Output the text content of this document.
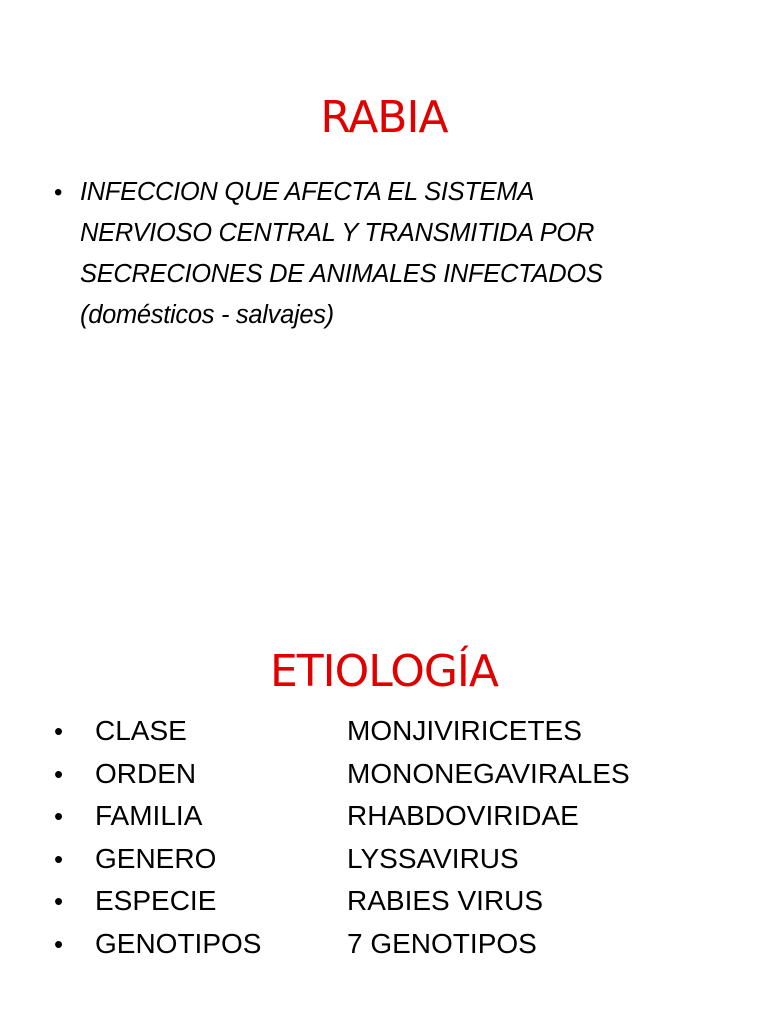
RABIA
• INFECCION QUE AFECTA EL SISTEMA
NERVIOSO CENTRAL Y TRANSMITIDA POR
SECRECIONES DE ANIMALES INFECTADOS
(domésticos - salvajes)
ETIOLOGÍA
•	CLASE	MONJIVIRICETES
•	ORDEN	MONONEGAVIRALES
•	FAMILIA	RHABDOVIRIDAE
•	GENERO	LYSSAVIRUS
•	ESPECIE	RABIES VIRUS
•	GENOTIPOS	7 GENOTIPOS
